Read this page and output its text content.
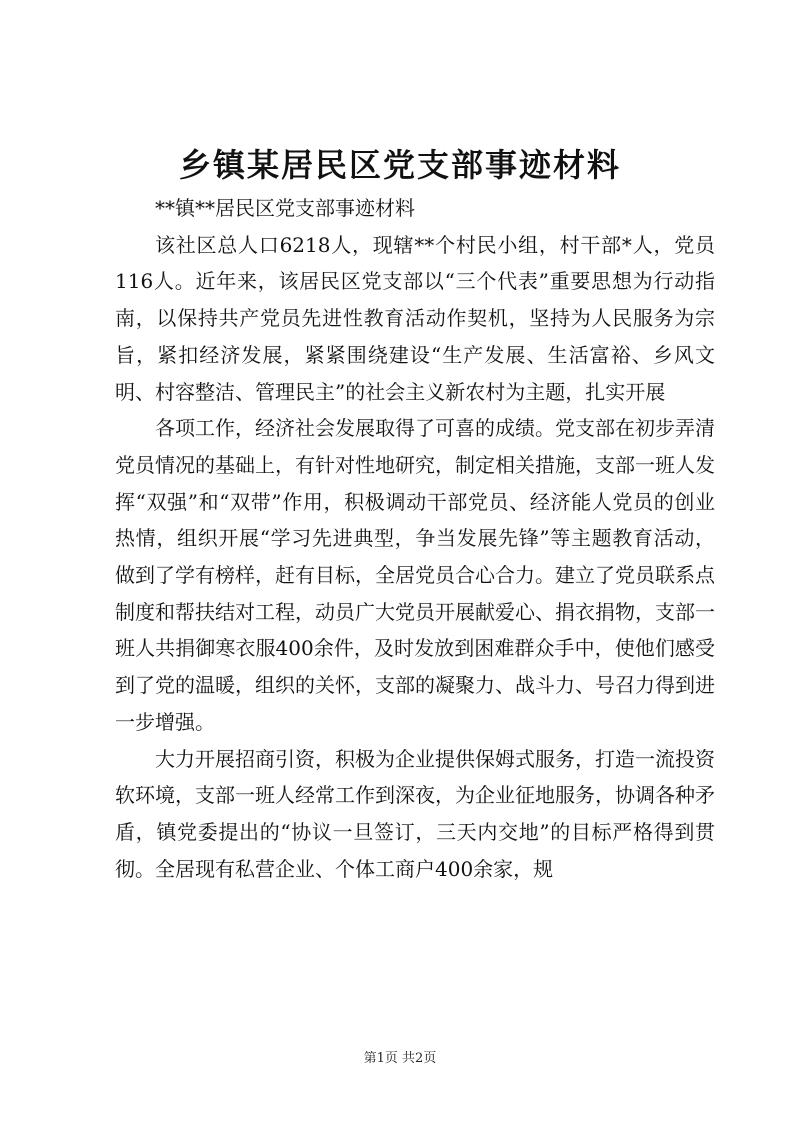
乡镇某居民区党支部事迹材料

**镇**居民区党支部事迹材料

该社区总人口6218人，现辖**个村民小组，村干部*人，党员116人。近年来，该居民区党支部以“三个代表”重要思想为行动指南，以保持共产党员先进性教育活动作契机，坚持为人民服务为宗旨，紧扣经济发展，紧紧围绕建设“生产发展、生活富裕、乡风文明、村容整洁、管理民主”的社会主义新农村为主题，扎实开展

各项工作，经济社会发展取得了可喜的成绩。党支部在初步弄清党员情况的基础上，有针对性地研究，制定相关措施，支部一班人发挥“双强”和“双带”作用，积极调动干部党员、经济能人党员的创业热情，组织开展“学习先进典型，争当发展先锋”等主题教育活动，做到了学有榜样，赶有目标，全居党员合心合力。建立了党员联系点制度和帮扶结对工程，动员广大党员开展献爱心、捐衣捐物，支部一班人共捐御寒衣服400余件，及时发放到困难群众手中，使他们感受到了党的温暖，组织的关怀，支部的凝聚力、战斗力、号召力得到进一步增强。

大力开展招商引资，积极为企业提供保姆式服务，打造一流投资软环境，支部一班人经常工作到深夜，为企业征地服务，协调各种矛盾，镇党委提出的“协议一旦签订，三天内交地”的目标严格得到贯彻。全居现有私营企业、个体工商户400余家，规

第1页 共2页
